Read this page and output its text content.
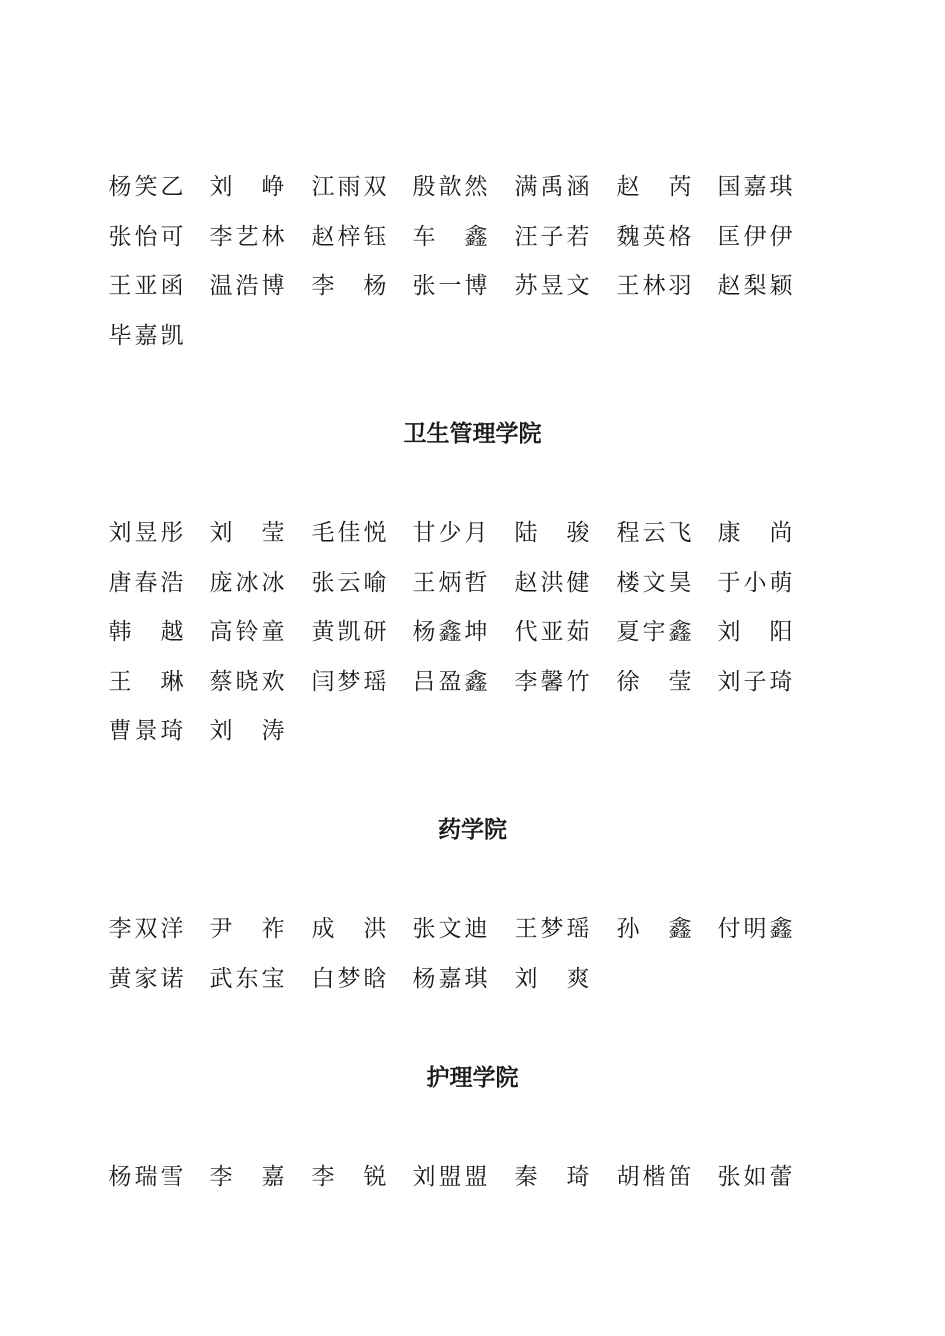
杨 笑 乙 刘 峥 江 雨 双 殷 歆 然 满 禹 涵 赵 芮 国 嘉 琪
张 怡 可 李 艺 林 赵 梓 钰 车 鑫 汪 子 若 魏 英 格 匡 伊 伊
王 亚 函 温 浩 博 李 杨 张 一 博 苏 昱 文 王 林 羽 赵 梨 颖
毕 嘉 凯
卫生管理学院
刘 昱 彤 刘 莹 毛 佳 悦 甘 少 月 陆 骏 程 云 飞 康 尚
唐 春 浩 庞 冰 冰 张 云 喻 王 炳 哲 赵 洪 健 楼 文 昊 于 小 萌
韩 越 高 铃 童 黄 凯 研 杨 鑫 坤 代 亚 茹 夏 宇 鑫 刘 阳
王 琳 蔡 晓 欢 闫 梦 瑶 吕 盈 鑫 李 馨 竹 徐 莹 刘 子 琦
曹 景 琦 刘 涛
药学院
李 双 洋 尹 祚 成 洪 张 文 迪 王 梦 瑶 孙 鑫 付 明 鑫
黄 家 诺 武 东 宝 白 梦 晗 杨 嘉 琪 刘 爽
护理学院
杨 瑞 雪 李 嘉 李 锐 刘 盟 盟 秦 琦 胡 楷 笛 张 如 蕾
